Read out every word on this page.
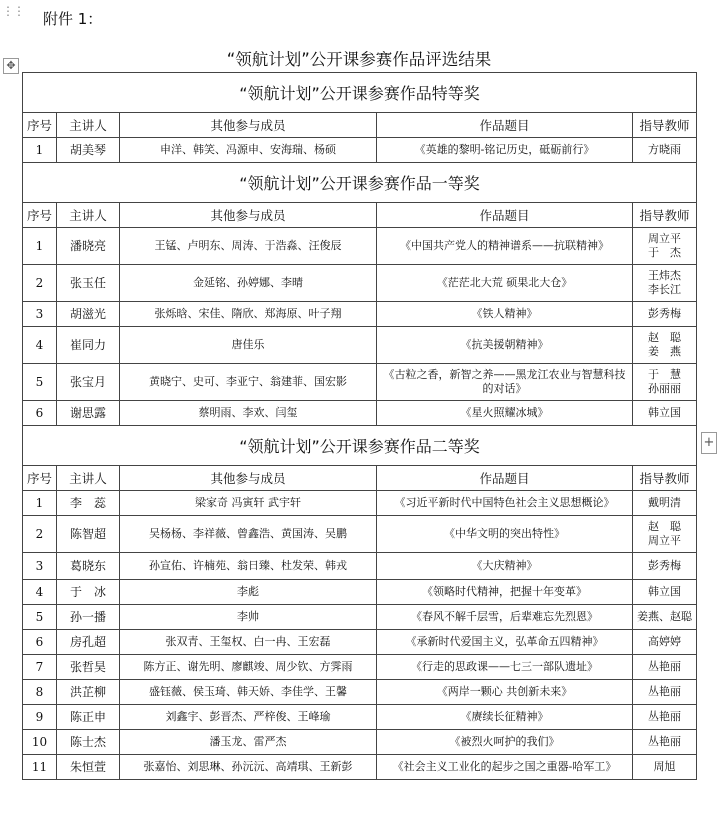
⋮⋮ 附件 1：
“领航计划”公开课参赛作品评选结果
✥
+
“领航计划”公开课参赛作品特等奖				
序号	主讲人	其他参与成员	作品题目	指导教师
1	胡美琴	申洋、韩笑、冯源申、安海瑞、杨硕	《英雄的黎明-铭记历史，砥砺前行》	方晓雨
“领航计划”公开课参赛作品一等奖				
序号	主讲人	其他参与成员	作品题目	指导教师
1	潘晓亮	王锰、卢明东、周涛、于浩淼、汪俊辰	《中国共产党人的精神谱系——抗联精神》	周立平
于　杰
2	张玉任	金延铭、孙婷娜、李晴	《茫茫北大荒 硕果北大仓》	王炜杰
李长江
3	胡滋光	张烁晗、宋佳、隋欣、郑海原、叶子翔	《铁人精神》	彭秀梅
4	崔同力	唐佳乐	《抗美援朝精神》	赵　聪
姜　燕
5	张宝月	黄晓宁、史可、李亚宁、翁建菲、国宏影	《古粒之香，新智之养——黑龙江农业与智慧科技的对话》	于　慧
孙丽丽
6	谢思露	蔡明雨、李欢、闫玺	《星火照耀冰城》	韩立国
“领航计划”公开课参赛作品二等奖				
序号	主讲人	其他参与成员	作品题目	指导教师
1	李　蕊	梁家奇 冯寅轩 武宇轩	《习近平新时代中国特色社会主义思想概论》	戴明清
2	陈智超	吴杨杨、李祥薇、曾鑫浩、黄国涛、吴鹏	《中华文明的突出特性》	赵　聪
周立平
3	葛晓东	孙宣佑、许楠苑、翁日臻、杜发荣、韩戎	《大庆精神》	彭秀梅
4	于　冰	李彪	《领略时代精神，把握十年变革》	韩立国
5	孙一播	李帅	《春风不解千层雪，后辈难忘先烈恩》	姜燕、赵聪
6	房孔超	张双青、王玺权、白一冉、王宏磊	《承新时代爱国主义，弘革命五四精神》	高婷婷
7	张哲昊	陈方正、谢先明、廖麒竣、周少钦、方霁雨	《行走的思政课——七三一部队遗址》	丛艳丽
8	洪芷柳	盛钰薇、侯玉琦、韩天娇、李佳学、王馨	《两岸一颗心 共创新未来》	丛艳丽
9	陈正申	刘鑫宇、彭晋杰、严梓俊、王峰瑜	《赓续长征精神》	丛艳丽
10	陈士杰	潘玉龙、雷严杰	《被烈火呵护的我们》	丛艳丽
11	朱恒萱	张嘉怡、刘思琳、孙沅沅、高靖琪、王新彭	《社会主义工业化的起步之国之重器-哈军工》	周旭
